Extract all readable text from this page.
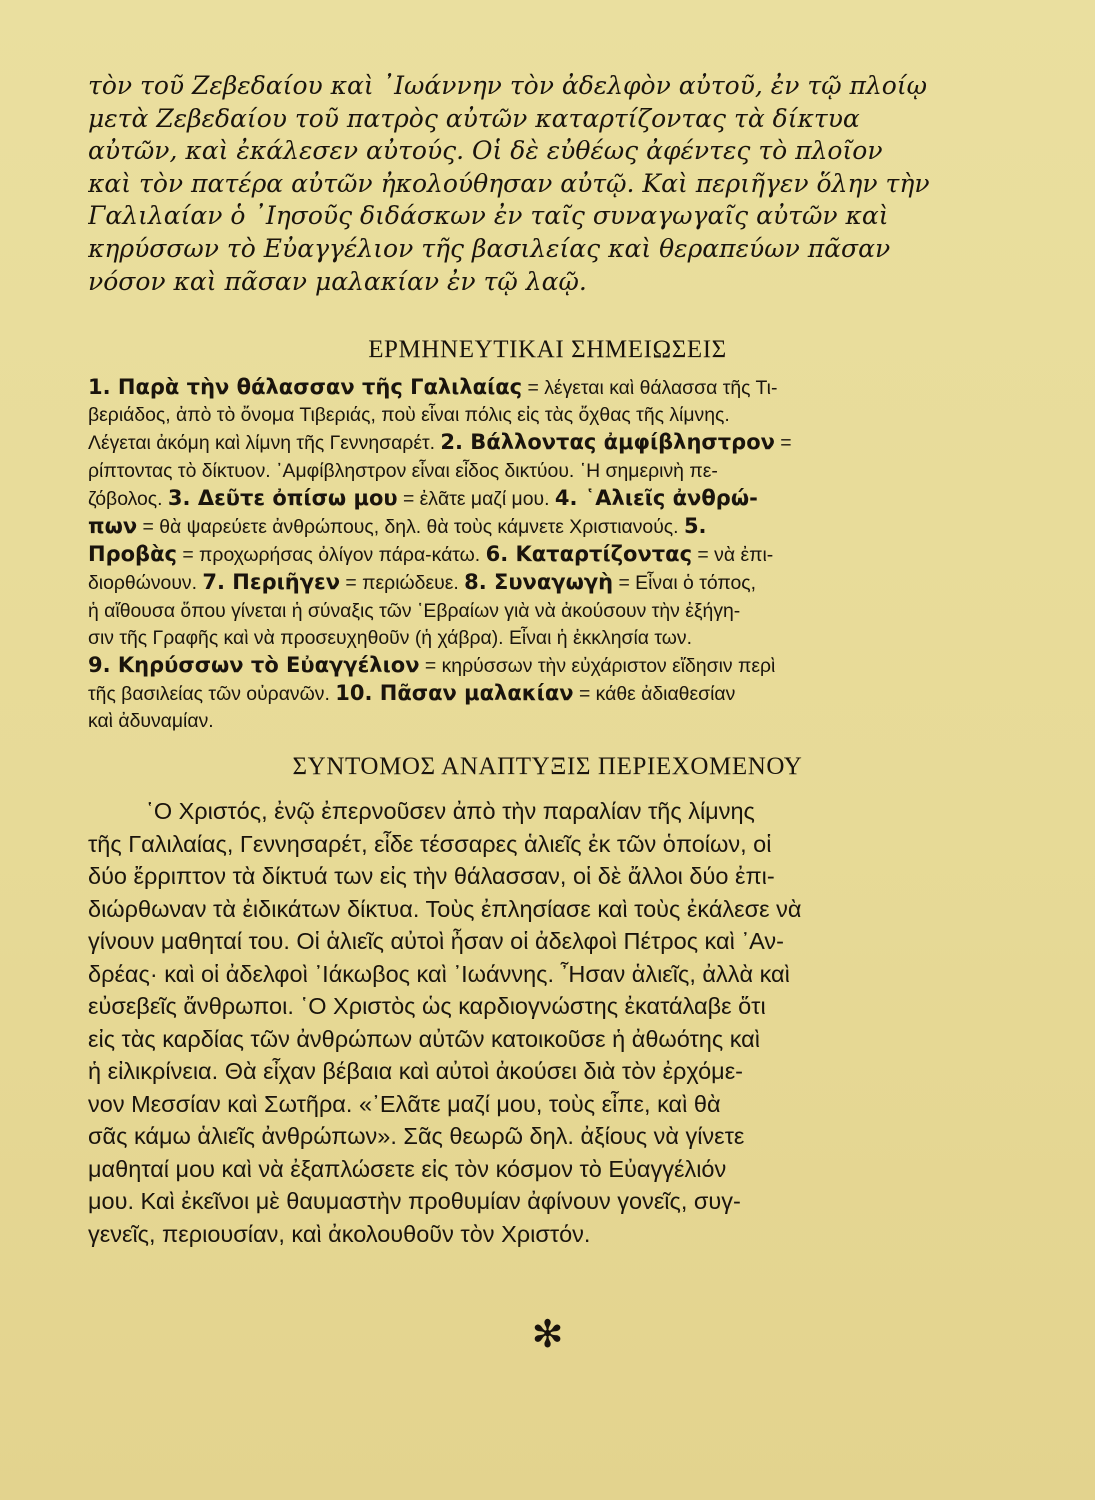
τὸν τοῦ Ζεβεδαίου καὶ ᾿Ιωάννην τὸν ἀδελφὸν αὐτοῦ, ἐν τῷ πλοίῳ
μετὰ Ζεβεδαίου τοῦ πατρὸς αὐτῶν καταρτίζοντας τὰ δίκτυα
αὐτῶν, καὶ ἐκάλεσεν αὐτούς. Οἱ δὲ εὐθέως ἀφέντες τὸ πλοῖον
καὶ τὸν πατέρα αὐτῶν ἠκολούθησαν αὐτῷ. Καὶ περιῆγεν ὅλην τὴν
Γαλιλαίαν ὁ ᾿Ιησοῦς διδάσκων ἐν ταῖς συναγωγαῖς αὐτῶν καὶ
κηρύσσων τὸ Εὐαγγέλιον τῆς βασιλείας καὶ θεραπεύων πᾶσαν
νόσον καὶ πᾶσαν μαλακίαν ἐν τῷ λαῷ.
ΕΡΜΗΝΕΥΤΙΚΑΙ ΣΗΜΕΙΩΣΕΙΣ
1. Παρὰ τὴν θάλασσαν τῆς Γαλιλαίας = λέγεται καὶ θάλασσα τῆς Τι-
βεριάδος, ἀπὸ τὸ ὄνομα Τιβεριάς, ποὺ εἶναι πόλις εἰς τὰς ὄχθας τῆς λίμνης.
Λέγεται ἀκόμη καὶ λίμνη τῆς Γεννησαρέτ. 2. Βάλλοντας ἀμφίβληστρον =
ρίπτοντας τὸ δίκτυον. ᾿Αμφίβληστρον εἶναι εἶδος δικτύου. ῾Η σημερινὴ πε-
ζόβολος. 3. Δεῦτε ὀπίσω μου = ἐλᾶτε μαζί μου. 4. ῾Αλιεῖς ἀνθρώ-
πων = θὰ ψαρεύετε ἀνθρώπους, δηλ. θὰ τοὺς κάμνετε Χριστιανούς. 5.
Προβὰς = προχωρήσας ὀλίγον πάρα-κάτω. 6. Καταρτίζοντας = νὰ ἐπι-
διορθώνουν. 7. Περιῆγεν = περιώδευε. 8. Συναγωγὴ = Εἶναι ὁ τόπος,
ἡ αἴθουσα ὅπου γίνεται ἡ σύναξις τῶν ῾Εβραίων γιὰ νὰ ἀκούσουν τὴν ἐξήγη-
σιν τῆς Γραφῆς καὶ νὰ προσευχηθοῦν (ἡ χάβρα). Εἶναι ἡ ἐκκλησία των.
9. Κηρύσσων τὸ Εὐαγγέλιον = κηρύσσων τὴν εὐχάριστον εἴδησιν περὶ
τῆς βασιλείας τῶν οὐρανῶν. 10. Πᾶσαν μαλακίαν = κάθε ἀδιαθεσίαν
καὶ ἀδυναμίαν.
ΣΥΝΤΟΜΟΣ ΑΝΑΠΤΥΞΙΣ ΠΕΡΙΕΧΟΜΕΝΟΥ
῾Ο Χριστός, ἐνῷ ἐπερνοῦσεν ἀπὸ τὴν παραλίαν τῆς λίμνης
τῆς Γαλιλαίας, Γεννησαρέτ, εἶδε τέσσαρες ἁλιεῖς ἐκ τῶν ὁποίων, οἱ
δύο ἔρριπτον τὰ δίκτυά των εἰς τὴν θάλασσαν, οἱ δὲ ἄλλοι δύο ἐπι-
διώρθωναν τὰ ἐιδικάτων δίκτυα. Τοὺς ἐπλησίασε καὶ τοὺς ἐκάλεσε νὰ
γίνουν μαθηταί του. Οἱ ἁλιεῖς αὐτοὶ ἦσαν οἱ ἀδελφοὶ Πέτρος καὶ ᾿Αν-
δρέας· καὶ οἱ ἀδελφοὶ ᾿Ιάκωβος καὶ ᾿Ιωάννης. ῏Ησαν ἁλιεῖς, ἀλλὰ καὶ
εὐσεβεῖς ἄνθρωποι. ῾Ο Χριστὸς ὡς καρδιογνώστης ἐκατάλαβε ὅτι
εἰς τὰς καρδίας τῶν ἀνθρώπων αὐτῶν κατοικοῦσε ἡ ἀθωότης καὶ
ἡ εἰλικρίνεια. Θὰ εἶχαν βέβαια καὶ αὐτοὶ ἀκούσει διὰ τὸν ἐρχόμε-
νον Μεσσίαν καὶ Σωτῆρα. «᾿Ελᾶτε μαζί μου, τοὺς εἶπε, καὶ θὰ
σᾶς κάμω ἁλιεῖς ἀνθρώπων». Σᾶς θεωρῶ δηλ. ἀξίους νὰ γίνετε
μαθηταί μου καὶ νὰ ἐξαπλώσετε εἰς τὸν κόσμον τὸ Εὐαγγέλιόν
μου. Καὶ ἐκεῖνοι μὲ θαυμαστὴν προθυμίαν ἀφίνουν γονεῖς, συγ-
γενεῖς, περιουσίαν, καὶ ἀκολουθοῦν τὸν Χριστόν.
✻
